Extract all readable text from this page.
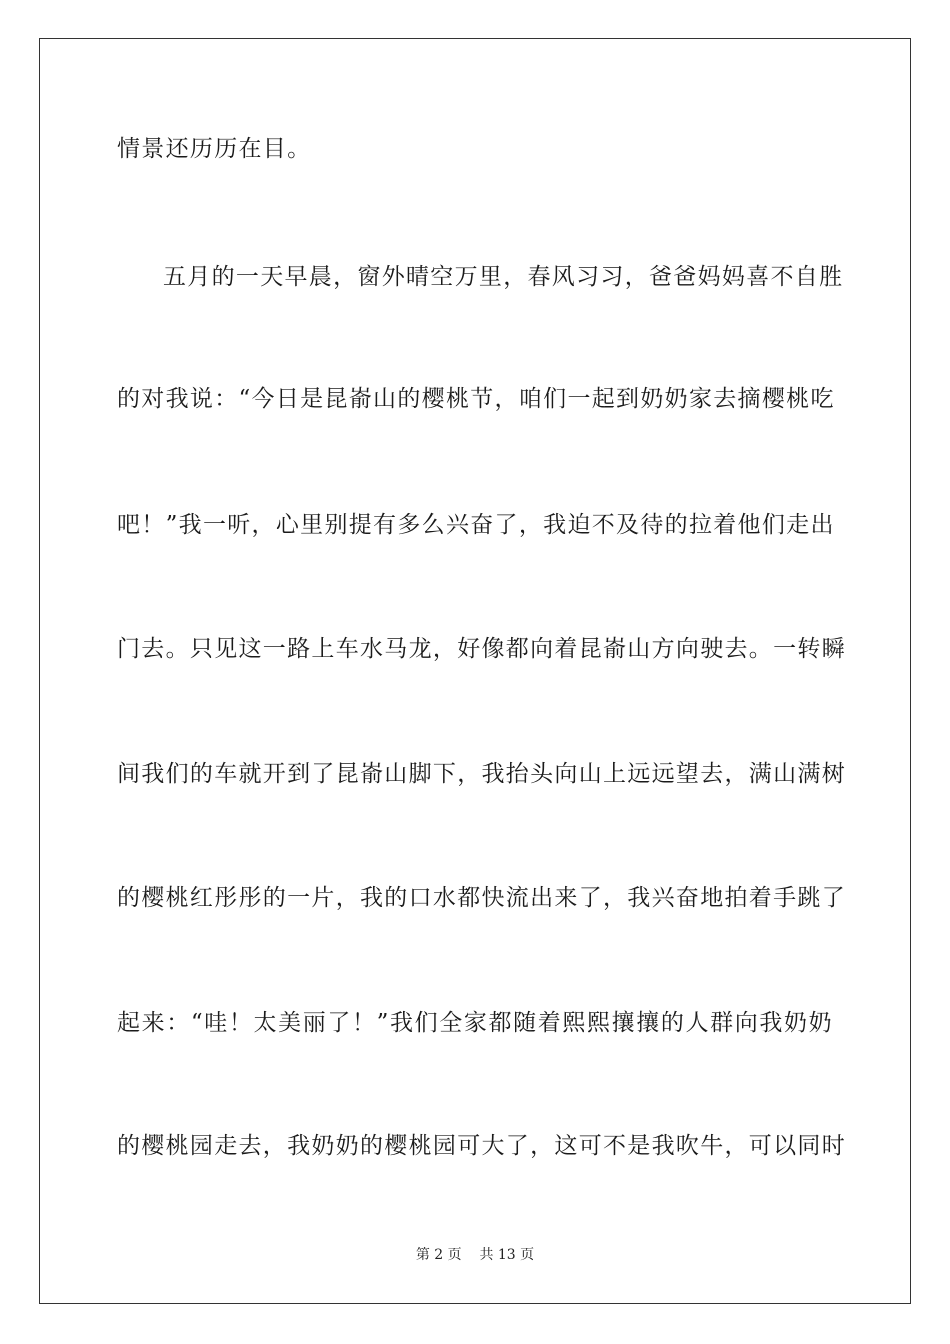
情景还历历在目。
五月的一天早晨，窗外晴空万里，春风习习，爸爸妈妈喜不自胜
的对我说：“今日是昆嵛山的樱桃节，咱们一起到奶奶家去摘樱桃吃
吧！”我一听，心里别提有多么兴奋了，我迫不及待的拉着他们走出
门去。只见这一路上车水马龙，好像都向着昆嵛山方向驶去。一转瞬
间我们的车就开到了昆嵛山脚下，我抬头向山上远远望去，满山满树
的樱桃红彤彤的一片，我的口水都快流出来了，我兴奋地拍着手跳了
起来：“哇！太美丽了！”我们全家都随着熙熙攘攘的人群向我奶奶
的樱桃园走去，我奶奶的樱桃园可大了，这可不是我吹牛，可以同时
第 2 页 共 13 页
